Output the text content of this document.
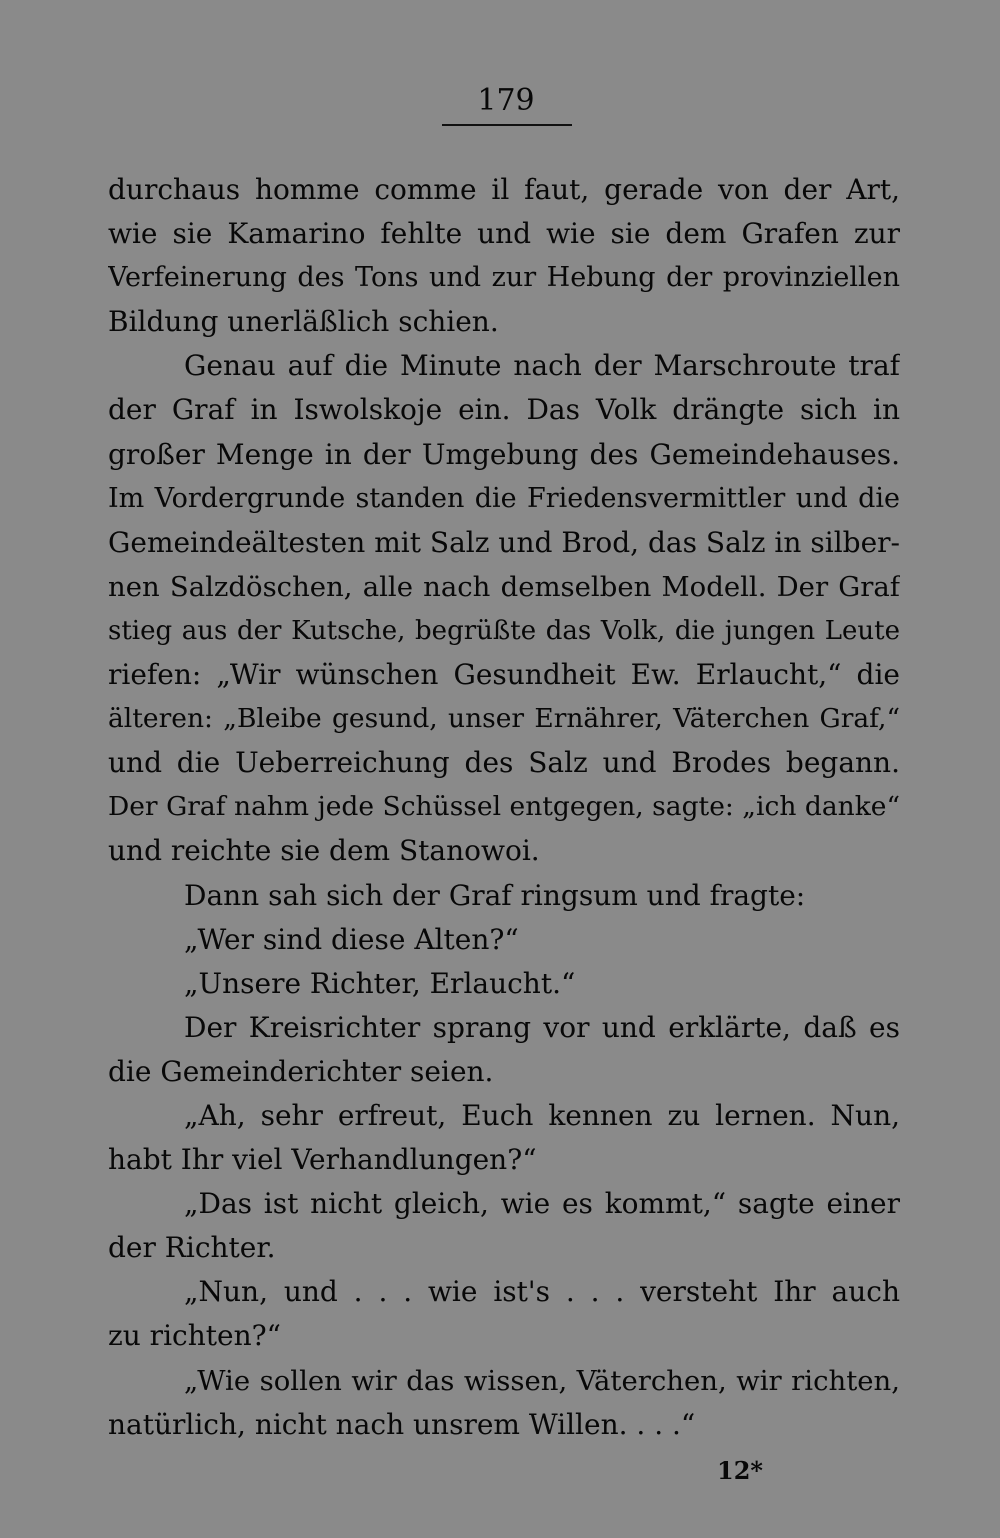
179
durchaus homme comme il faut, gerade von der Art,
wie sie Kamarino fehlte und wie sie dem Grafen zur
Verfeinerung des Tons und zur Hebung der provinziellen
Bildung unerläßlich schien.
Genau auf die Minute nach der Marschroute traf
der Graf in Iswolskoje ein. Das Volk drängte sich in
großer Menge in der Umgebung des Gemeindehauses.
Im Vordergrunde standen die Friedensvermittler und die
Gemeindeältesten mit Salz und Brod, das Salz in silber-
nen Salzdöschen, alle nach demselben Modell. Der Graf
stieg aus der Kutsche, begrüßte das Volk, die jungen Leute
riefen: „Wir wünschen Gesundheit Ew. Erlaucht,“ die
älteren: „Bleibe gesund, unser Ernährer, Väterchen Graf,“
und die Ueberreichung des Salz und Brodes begann.
Der Graf nahm jede Schüssel entgegen, sagte: „ich danke“
und reichte sie dem Stanowoi.
Dann sah sich der Graf ringsum und fragte:
„Wer sind diese Alten?“
„Unsere Richter, Erlaucht.“
Der Kreisrichter sprang vor und erklärte, daß es
die Gemeinderichter seien.
„Ah, sehr erfreut, Euch kennen zu lernen. Nun,
habt Ihr viel Verhandlungen?“
„Das ist nicht gleich, wie es kommt,“ sagte einer
der Richter.
„Nun, und . . . wie ist's . . . versteht Ihr auch
zu richten?“
„Wie sollen wir das wissen, Väterchen, wir richten,
natürlich, nicht nach unsrem Willen. . . .“
12*
